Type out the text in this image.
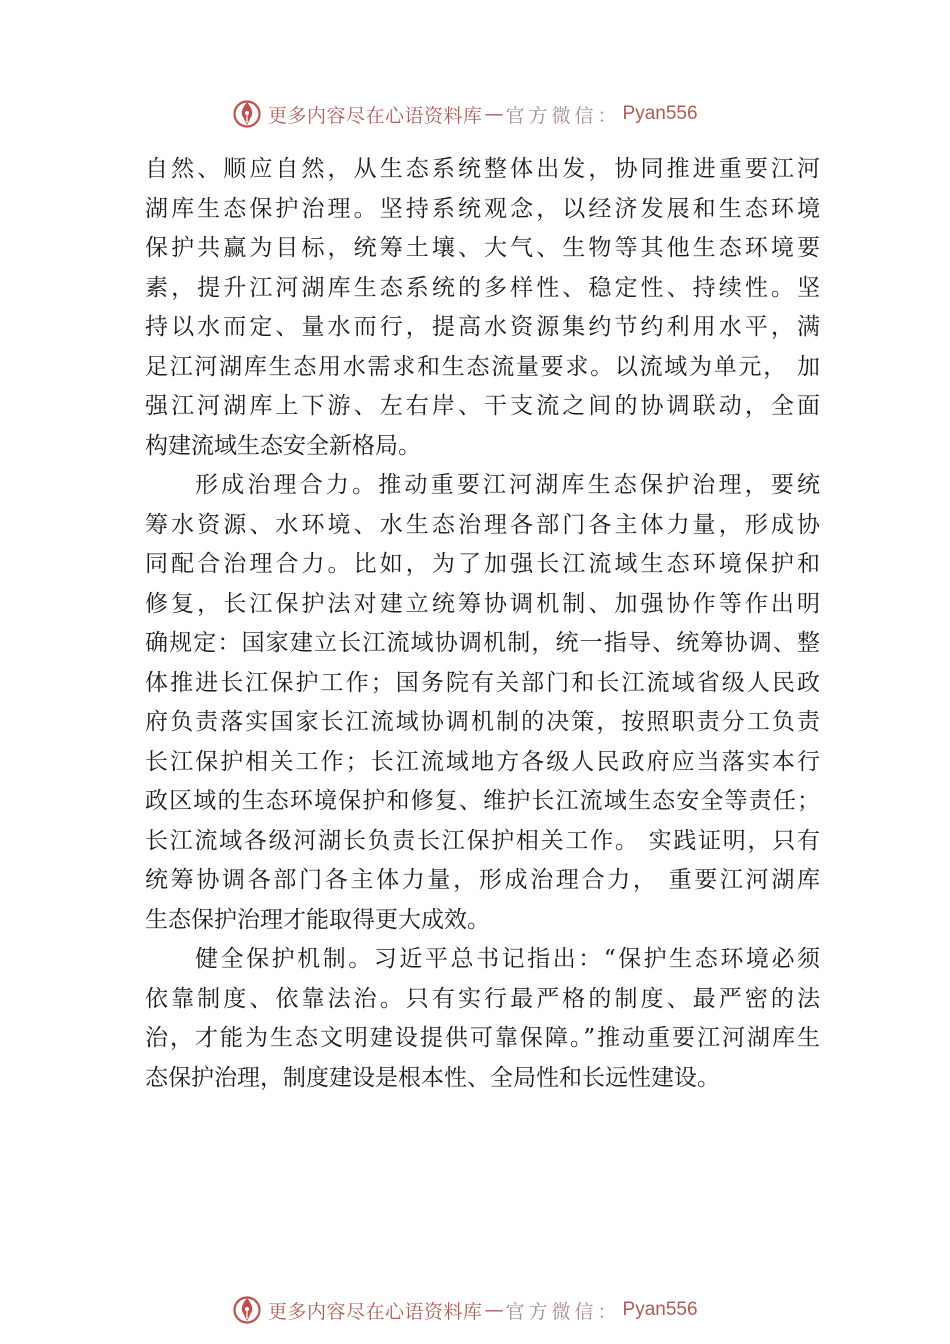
更多内容尽在心语资料库 — 官方微信： Pyan556
自然、顺应自然，从生态系统整体出发，协同推进重要江河
湖库生态保护治理。坚持系统观念，以经济发展和生态环境
保护共赢为目标，统筹土壤、大气、生物等其他生态环境要
素，提升江河湖库生态系统的多样性、稳定性、持续性。坚
持以水而定、量水而行，提高水资源集约节约利用水平，满
足江河湖库生态用水需求和生态流量要求。以流域为单元， 加
强江河湖库上下游、左右岸、干支流之间的协调联动，全面
构建流域生态安全新格局。
形成治理合力。推动重要江河湖库生态保护治理，要统
筹水资源、水环境、水生态治理各部门各主体力量，形成协
同配合治理合力。比如，为了加强长江流域生态环境保护和
修复，长江保护法对建立统筹协调机制、加强协作等作出明
确规定：国家建立长江流域协调机制，统一指导、统筹协调、整
体推进长江保护工作；国务院有关部门和长江流域省级人民政
府负责落实国家长江流域协调机制的决策，按照职责分工负责
长江保护相关工作；长江流域地方各级人民政府应当落实本行
政区域的生态环境保护和修复、维护长江流域生态安全等责任；
长江流域各级河湖长负责长江保护相关工作。 实践证明，只有
统筹协调各部门各主体力量，形成治理合力， 重要江河湖库
生态保护治理才能取得更大成效。
健全保护机制。习近平总书记指出：“保护生态环境必须
依靠制度、依靠法治。只有实行最严格的制度、最严密的法
治，才能为生态文明建设提供可靠保障。”推动重要江河湖库生
态保护治理，制度建设是根本性、全局性和长远性建设。
更多内容尽在心语资料库 — 官方微信： Pyan556
